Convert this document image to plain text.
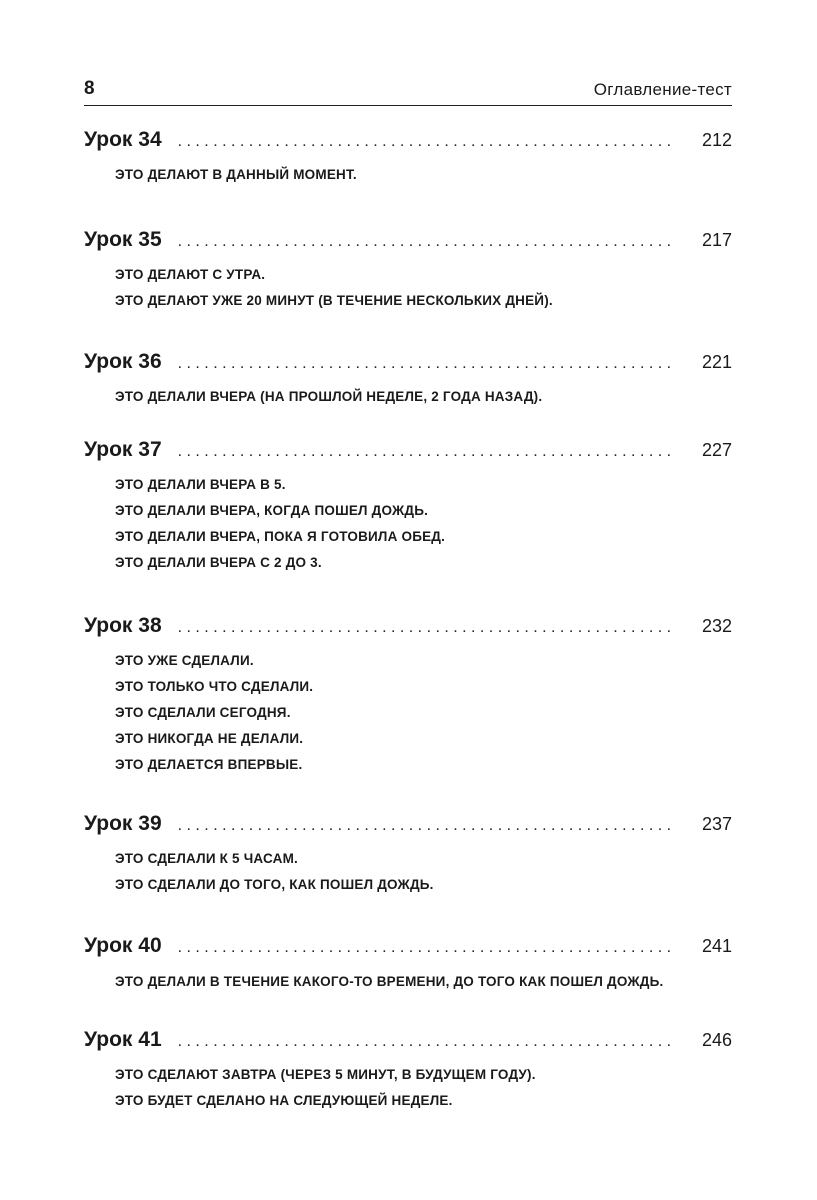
8	Оглавление-тест
Урок 34 . . .	212
ЭТО ДЕЛАЮТ В ДАННЫЙ МОМЕНТ.
Урок 35 . . .	217
ЭТО ДЕЛАЮТ С УТРА.
ЭТО ДЕЛАЮТ УЖЕ 20 МИНУТ (В ТЕЧЕНИЕ НЕСКОЛЬКИХ ДНЕЙ).
Урок 36 . . .	221
ЭТО ДЕЛАЛИ ВЧЕРА (НА ПРОШЛОЙ НЕДЕЛЕ, 2 ГОДА НАЗАД).
Урок 37 . . .	227
ЭТО ДЕЛАЛИ ВЧЕРА В 5.
ЭТО ДЕЛАЛИ ВЧЕРА, КОГДА ПОШЕЛ ДОЖДЬ.
ЭТО ДЕЛАЛИ ВЧЕРА, ПОКА Я ГОТОВИЛА ОБЕД.
ЭТО ДЕЛАЛИ ВЧЕРА С 2 ДО 3.
Урок 38 . . .	232
ЭТО УЖЕ СДЕЛАЛИ.
ЭТО ТОЛЬКО ЧТО СДЕЛАЛИ.
ЭТО СДЕЛАЛИ СЕГОДНЯ.
ЭТО НИКОГДА НЕ ДЕЛАЛИ.
ЭТО ДЕЛАЕТСЯ ВПЕРВЫЕ.
Урок 39 . . .	237
ЭТО СДЕЛАЛИ К 5 ЧАСАМ.
ЭТО СДЕЛАЛИ ДО ТОГО, КАК ПОШЕЛ ДОЖДЬ.
Урок 40 . . .	241
ЭТО ДЕЛАЛИ В ТЕЧЕНИЕ КАКОГО-ТО ВРЕМЕНИ, ДО ТОГО КАК ПОШЕЛ ДОЖДЬ.
Урок 41 . . .	246
ЭТО СДЕЛАЮТ ЗАВТРА (ЧЕРЕЗ 5 МИНУТ, В БУДУЩЕМ ГОДУ).
ЭТО БУДЕТ СДЕЛАНО НА СЛЕДУЮЩЕЙ НЕДЕЛЕ.
